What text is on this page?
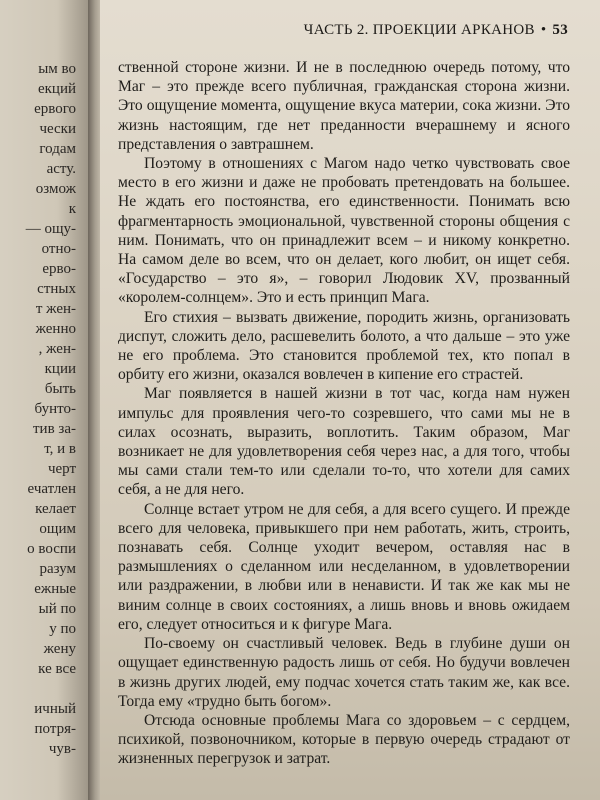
ым во
екций
ервого
чески
годам
асту.
озмож
к
— ощу-
отно-
ерво-
стных
т жен-
женно
, жен-
кции
быть
бунто-
тив за-
т, и в
черт
ечатлен
келает
ощим
о воспи
разум
ежные
ый по
у по
жену
ке все
ичный
потря-
чув-
ЧАСТЬ 2. ПРОЕКЦИИ АРКАНОВ • 53

ственной стороне жизни. И не в последнюю очередь потому, что Маг – это прежде всего публичная, гражданская сторона жизни. Это ощущение момента, ощущение вкуса материи, сока жизни. Это жизнь настоящим, где нет преданности вчерашнему и ясного представления о завтрашнем.

Поэтому в отношениях с Магом надо четко чувствовать свое место в его жизни и даже не пробовать претендовать на большее. Не ждать его постоянства, его единственности. Понимать всю фрагментарность эмоциональной, чувственной стороны общения с ним. Понимать, что он принадлежит всем – и никому конкретно. На самом деле во всем, что он делает, кого любит, он ищет себя. «Государство – это я», – говорил Людовик XV, прозванный «королем-солнцем». Это и есть принцип Мага.

Его стихия – вызвать движение, породить жизнь, организовать диспут, сложить дело, расшевелить болото, а что дальше – это уже не его проблема. Это становится проблемой тех, кто попал в орбиту его жизни, оказался вовлечен в кипение его страстей.

Маг появляется в нашей жизни в тот час, когда нам нужен импульс для проявления чего-то созревшего, что сами мы не в силах осознать, выразить, воплотить. Таким образом, Маг возникает не для удовлетворения себя через нас, а для того, чтобы мы сами стали тем-то или сделали то-то, что хотели для самих себя, а не для него.

Солнце встает утром не для себя, а для всего сущего. И прежде всего для человека, привыкшего при нем работать, жить, строить, познавать себя. Солнце уходит вечером, оставляя нас в размышлениях о сделанном или несделанном, в удовлетворении или раздражении, в любви или в ненависти. И так же как мы не виним солнце в своих состояниях, а лишь вновь и вновь ожидаем его, следует относиться и к фигуре Мага.

По-своему он счастливый человек. Ведь в глубине души он ощущает единственную радость лишь от себя. Но будучи вовлечен в жизнь других людей, ему подчас хочется стать таким же, как все. Тогда ему «трудно быть богом».

Отсюда основные проблемы Мага со здоровьем – с сердцем, психикой, позвоночником, которые в первую очередь страдают от жизненных перегрузок и затрат.
